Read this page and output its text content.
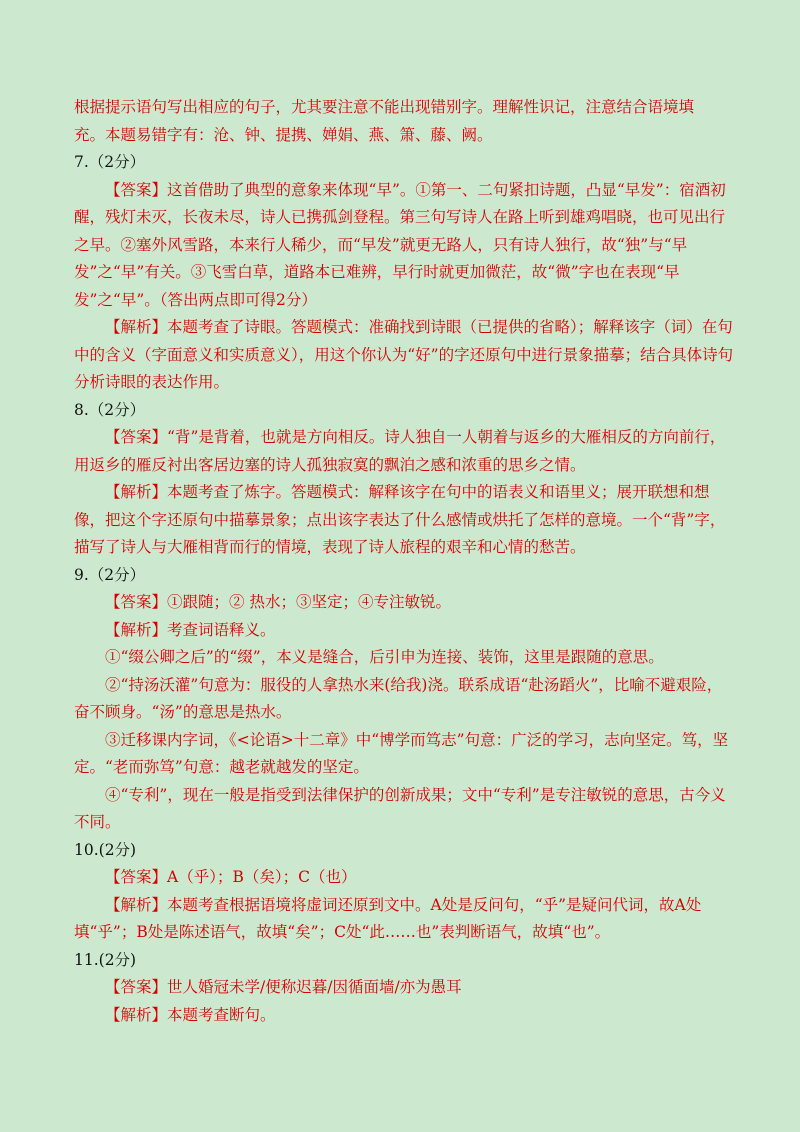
根据提示语句写出相应的句子，尤其要注意不能出现错别字。理解性识记，注意结合语境填
充。本题易错字有：沧、钟、提携、婵娟、燕、箫、藤、阙。

7.（2分）

【答案】这首借助了典型的意象来体现“早”。①第一、二句紧扣诗题，凸显“早发”：宿酒初醒，残灯未灭，长夜未尽，诗人已携孤剑登程。第三句写诗人在路上听到雄鸡唱晓，也可见出行之早。②塞外风雪路，本来行人稀少，而“早发”就更无路人，只有诗人独行，故“独”与“早发”之“早”有关。③飞雪白草，道路本已难辨，早行时就更加微茫，故“微”字也在表现“早发”之“早”。（答出两点即可得2分）

【解析】本题考查了诗眼。答题模式：准确找到诗眼（已提供的省略）；解释该字（词）在句中的含义（字面意义和实质意义），用这个你认为“好”的字还原句中进行景象描摹；结合具体诗句分析诗眼的表达作用。

8.（2分）

【答案】“背”是背着，也就是方向相反。诗人独自一人朝着与返乡的大雁相反的方向前行，用返乡的雁反衬出客居边塞的诗人孤独寂寞的飘泊之感和浓重的思乡之情。

【解析】本题考查了炼字。答题模式：解释该字在句中的语表义和语里义；展开联想和想像，把这个字还原句中描摹景象；点出该字表达了什么感情或烘托了怎样的意境。一个“背”字，描写了诗人与大雁相背而行的情境，表现了诗人旅程的艰辛和心情的愁苦。

9.（2分）

【答案】①跟随；② 热水；③坚定；④专注敏锐。

【解析】考查词语释义。

①“缀公卿之后”的“缀”，本义是缝合，后引申为连接、装饰，这里是跟随的意思。

②“持汤沃灌”句意为：服役的人拿热水来(给我)浇。联系成语“赴汤蹈火”，比喻不避艰险，奋不顾身。“汤”的意思是热水。

③迁移课内字词，《<论语>十二章》中“博学而笃志”句意：广泛的学习，志向坚定。笃，坚定。“老而弥笃”句意：越老就越发的坚定。

④“专利”，现在一般是指受到法律保护的创新成果；文中“专利”是专注敏锐的意思，古今义不同。

10.(2分)

【答案】A（乎）；B（矣）；C（也）

【解析】本题考查根据语境将虚词还原到文中。A处是反问句，“乎”是疑问代词，故A处填“乎”；B处是陈述语气，故填“矣”；C处“此……也”表判断语气，故填“也”。

11.(2分)

【答案】世人婚冠未学/便称迟暮/因循面墙/亦为愚耳

【解析】本题考查断句。
